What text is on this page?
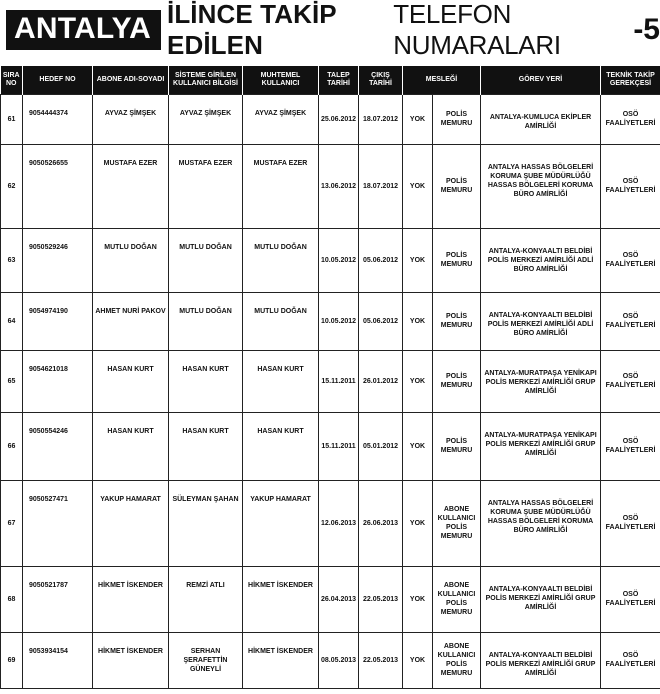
ANTALYA İLİNCE TAKİP EDİLEN
TELEFON NUMARALARI	-5
SIRA NO	HEDEF NO	ABONE ADI-SOYADI	SİSTEME GİRİLEN KULLANICI BİLGİSİ	MUHTEMEL KULLANICI	TALEP TARİHİ	ÇIKIŞ TARİHİ	MESLEĞİ		GÖREV YERİ	TEKNİK TAKİP GEREKÇESİ
61	9054444374	AYVAZ ŞİMŞEK	AYVAZ ŞİMŞEK	AYVAZ ŞİMŞEK	25.06.2012	18.07.2012	YOK	POLİS MEMURU	ANTALYA-KUMLUCA EKİPLER AMİRLİĞİ	OSÖ FAALİYETLERİ
62	9050526655	MUSTAFA EZER	MUSTAFA EZER	MUSTAFA EZER	13.06.2012	18.07.2012	YOK	POLİS MEMURU	ANTALYA HASSAS BÖLGELERİ KORUMA ŞUBE MÜDÜRLÜĞÜ HASSAS BÖLGELERİ KORUMA BÜRO AMİRLİĞİ	OSÖ FAALİYETLERİ
63	9050529246	MUTLU DOĞAN	MUTLU DOĞAN	MUTLU DOĞAN	10.05.2012	05.06.2012	YOK	POLİS MEMURU	ANTALYA-KONYAALTI BELDİBİ POLİS MERKEZİ AMİRLİĞİ ADLİ BÜRO AMİRLİĞİ	OSÖ FAALİYETLERİ
64	9054974190	AHMET NURİ PAKOV	MUTLU DOĞAN	MUTLU DOĞAN	10.05.2012	05.06.2012	YOK	POLİS MEMURU	ANTALYA-KONYAALTI BELDİBİ POLİS MERKEZİ AMİRLİĞİ ADLİ BÜRO AMİRLİĞİ	OSÖ FAALİYETLERİ
65	9054621018	HASAN KURT	HASAN KURT	HASAN KURT	15.11.2011	26.01.2012	YOK	POLİS MEMURU	ANTALYA-MURATPAŞA YENİKAPI POLİS MERKEZİ AMİRLİĞİ GRUP AMİRLİĞİ	OSÖ FAALİYETLERİ
66	9050554246	HASAN KURT	HASAN KURT	HASAN KURT	15.11.2011	05.01.2012	YOK	POLİS MEMURU	ANTALYA-MURATPAŞA YENİKAPI POLİS MERKEZİ AMİRLİĞİ GRUP AMİRLİĞİ	OSÖ FAALİYETLERİ
67	9050527471	YAKUP HAMARAT	SÜLEYMAN ŞAHAN	YAKUP HAMARAT	12.06.2013	26.06.2013	YOK	ABONE KULLANICI POLİS MEMURU	ANTALYA HASSAS BÖLGELERİ KORUMA ŞUBE MÜDÜRLÜĞÜ HASSAS BÖLGELERİ KORUMA BÜRO AMİRLİĞİ	OSÖ FAALİYETLERİ
68	9050521787	HİKMET İSKENDER	REMZİ ATLI	HİKMET İSKENDER	26.04.2013	22.05.2013	YOK	ABONE KULLANICI POLİS MEMURU	ANTALYA-KONYAALTI BELDİBİ POLİS MERKEZİ AMİRLİĞİ GRUP AMİRLİĞİ	OSÖ FAALİYETLERİ
69	9053934154	HİKMET İSKENDER	SERHAN ŞERAFETTİN GÜNEYLİ	HİKMET İSKENDER	08.05.2013	22.05.2013	YOK	ABONE KULLANICI POLİS MEMURU	ANTALYA-KONYAALTI BELDİBİ POLİS MERKEZİ AMİRLİĞİ GRUP AMİRLİĞİ	OSÖ FAALİYETLERİ
